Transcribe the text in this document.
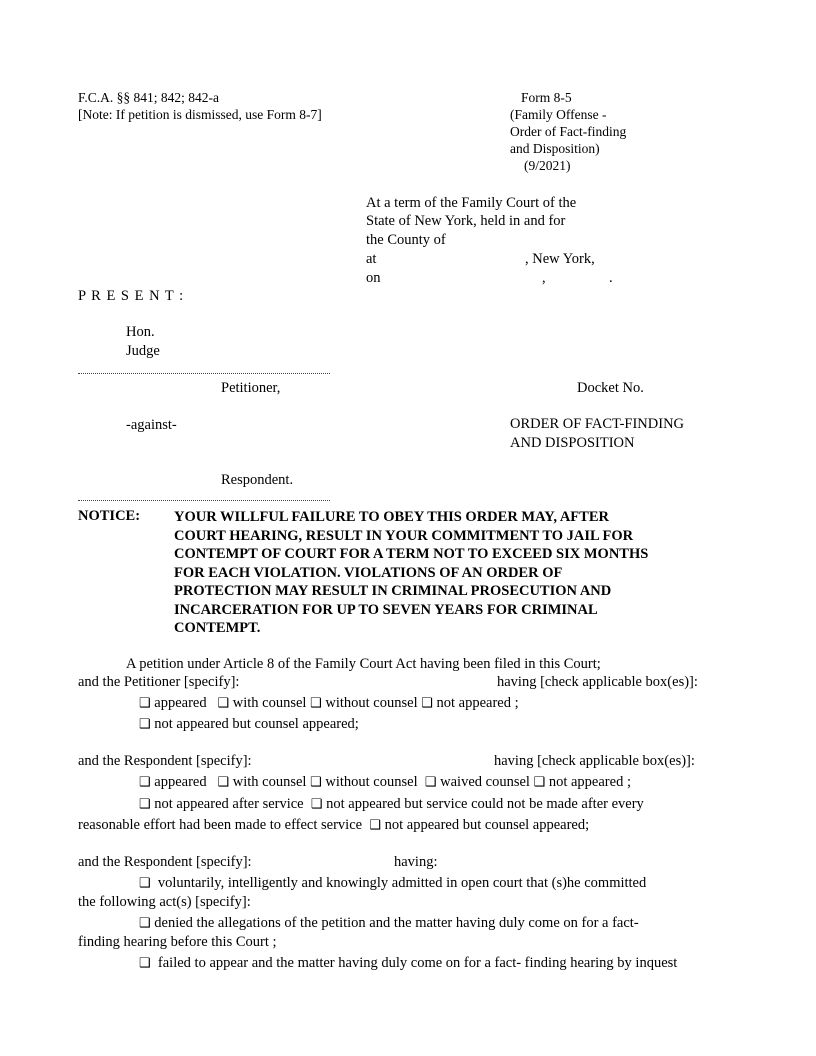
F.C.A. §§ 841; 842; 842-a
[Note: If petition is dismissed, use Form 8-7]
Form 8-5
(Family Offense -
Order of Fact-finding
and Disposition)
(9/2021)
At a term of the Family Court of the
State of New York, held in and for
the County of
at	, New York,
on	,	.
P R E S E N T :
Hon.
Judge
Petitioner,	Docket No.
-against-	ORDER OF FACT-FINDING
AND DISPOSITION
Respondent.
NOTICE: YOUR WILLFUL FAILURE TO OBEY THIS ORDER MAY, AFTER COURT HEARING, RESULT IN YOUR COMMITMENT TO JAIL FOR CONTEMPT OF COURT FOR A TERM NOT TO EXCEED SIX MONTHS FOR EACH VIOLATION. VIOLATIONS OF AN ORDER OF PROTECTION MAY RESULT IN CRIMINAL PROSECUTION AND INCARCERATION FOR UP TO SEVEN YEARS FOR CRIMINAL CONTEMPT.
A petition under Article 8 of the Family Court Act having been filed in this Court;
and the Petitioner [specify]:	having [check applicable box(es)]:
❑ appeared ❑ with counsel ❑ without counsel ❑ not appeared ;
❑ not appeared but counsel appeared;
and the Respondent [specify]:	having [check applicable box(es)]:
❑ appeared ❑ with counsel ❑ without counsel ❑ waived counsel ❑ not appeared ;
❑ not appeared after service ❑ not appeared but service could not be made after every
reasonable effort had been made to effect service ❑ not appeared but counsel appeared;
and the Respondent [specify]:	having:
❑ voluntarily, intelligently and knowingly admitted in open court that (s)he committed
the following act(s) [specify]:
❑ denied the allegations of the petition and the matter having duly come on for a fact-
finding hearing before this Court ;
❑ failed to appear and the matter having duly come on for a fact- finding hearing by inquest
